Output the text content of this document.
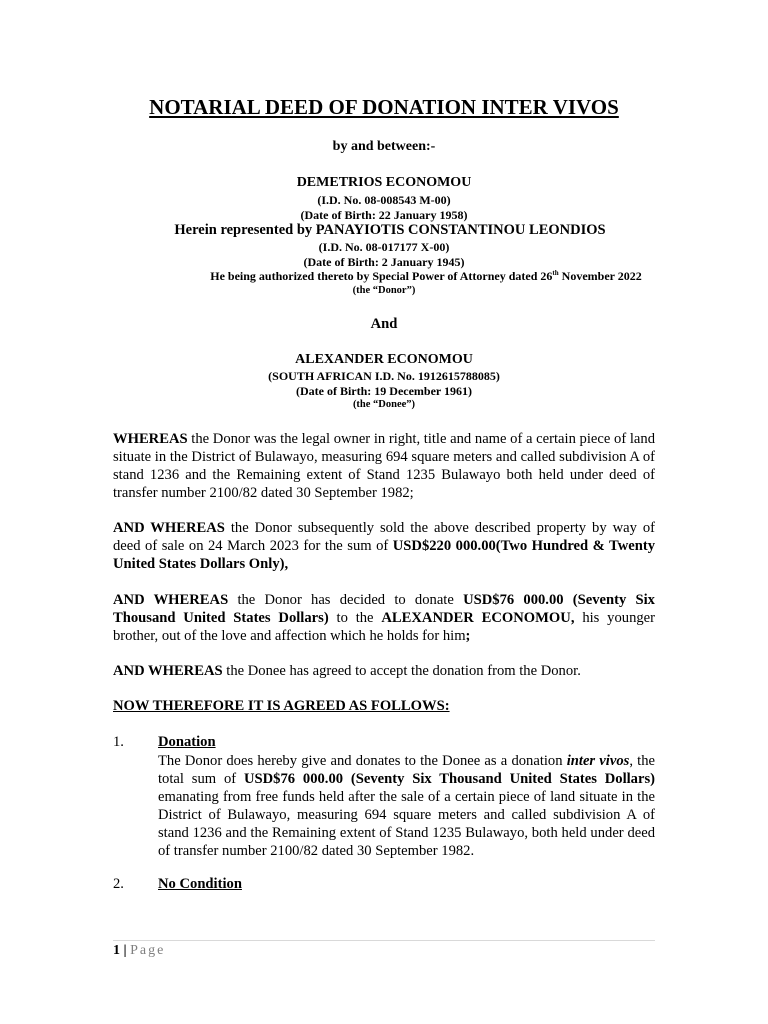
NOTARIAL DEED OF DONATION INTER VIVOS
by and between:-
DEMETRIOS ECONOMOU
(I.D. No. 08-008543 M-00)
(Date of Birth: 22 January 1958)
Herein represented by PANAYIOTIS CONSTANTINOU LEONDIOS
(I.D. No. 08-017177 X-00)
(Date of Birth: 2 January 1945)
He being authorized thereto by Special Power of Attorney dated 26th November 2022
(the “Donor”)
And
ALEXANDER ECONOMOU
(SOUTH AFRICAN I.D. No. 1912615788085)
(Date of Birth: 19 December 1961)
(the “Donee”)
WHEREAS the Donor was the legal owner in right, title and name of a certain piece of land situate in the District of Bulawayo, measuring 694 square meters and called subdivision A of stand 1236 and the Remaining extent of Stand 1235 Bulawayo both held under deed of transfer number 2100/82 dated 30 September 1982;
AND WHEREAS the Donor subsequently sold the above described property by way of deed of sale on 24 March 2023 for the sum of USD$220 000.00(Two Hundred & Twenty United States Dollars Only),
AND WHEREAS the Donor has decided to donate USD$76 000.00 (Seventy Six Thousand United States Dollars) to the ALEXANDER ECONOMOU, his younger brother, out of the love and affection which he holds for him;
AND WHEREAS the Donee has agreed to accept the donation from the Donor.
NOW THEREFORE IT IS AGREED AS FOLLOWS:
1. Donation
The Donor does hereby give and donates to the Donee as a donation inter vivos, the total sum of USD$76 000.00 (Seventy Six Thousand United States Dollars) emanating from free funds held after the sale of a certain piece of land situate in the District of Bulawayo, measuring 694 square meters and called subdivision A of stand 1236 and the Remaining extent of Stand 1235 Bulawayo, both held under deed of transfer number 2100/82 dated 30 September 1982.
2. No Condition
1 | Page
